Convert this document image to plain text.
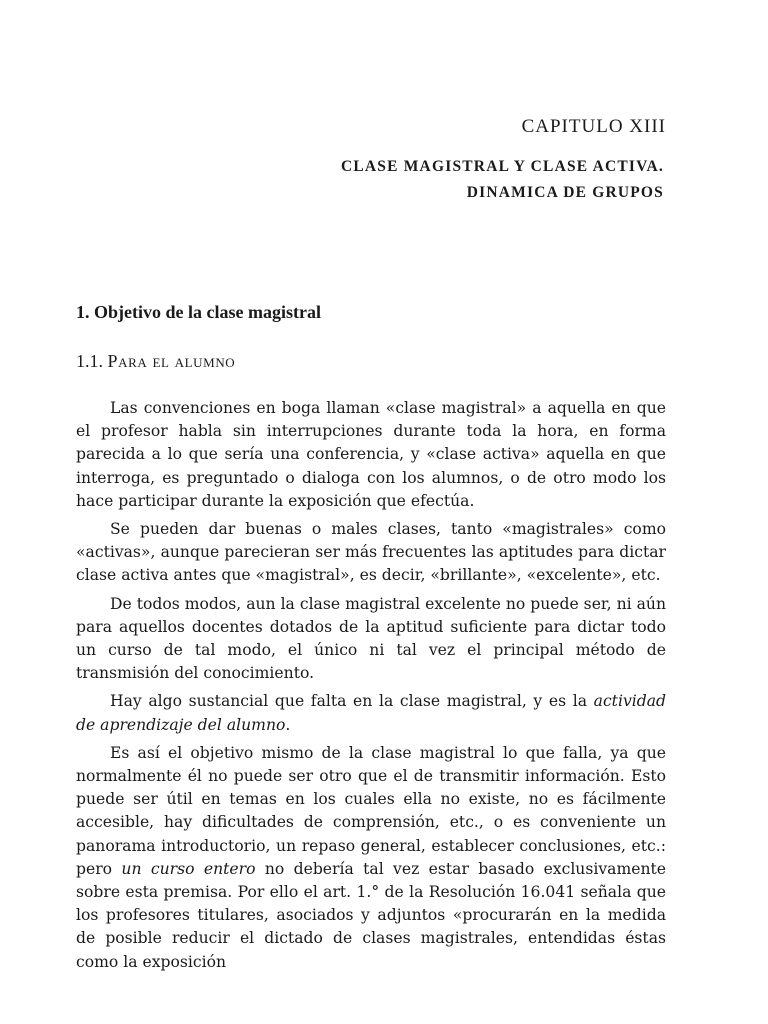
CAPITULO XIII
CLASE MAGISTRAL Y CLASE ACTIVA.
DINAMICA DE GRUPOS
1. Objetivo de la clase magistral
1.1. Para el alumno

Las convenciones en boga llaman «clase magistral» a aquella en que el profesor habla sin interrupciones durante toda la hora, en forma parecida a lo que sería una conferencia, y «clase activa» aquella en que interroga, es preguntado o dialoga con los alumnos, o de otro modo los hace participar durante la exposición que efectúa.

Se pueden dar buenas o males clases, tanto «magistrales» como «activas», aunque parecieran ser más frecuentes las aptitudes para dictar clase activa antes que «magistral», es decir, «brillante», «excelente», etc.

De todos modos, aun la clase magistral excelente no puede ser, ni aún para aquellos docentes dotados de la aptitud suficiente para dictar todo un curso de tal modo, el único ni tal vez el principal método de transmisión del conocimiento.

Hay algo sustancial que falta en la clase magistral, y es la actividad de aprendizaje del alumno.

Es así el objetivo mismo de la clase magistral lo que falla, ya que normalmente él no puede ser otro que el de transmitir información. Esto puede ser útil en temas en los cuales ella no existe, no es fácilmente accesible, hay dificultades de comprensión, etc., o es conveniente un panorama introductorio, un repaso general, establecer conclusiones, etc.: pero un curso entero no debería tal vez estar basado exclusivamente sobre esta premisa. Por ello el art. 1.° de la Resolución 16.041 señala que los profesores titulares, asociados y adjuntos «procurarán en la medida de posible reducir el dictado de clases magistrales, entendidas éstas como la exposición
